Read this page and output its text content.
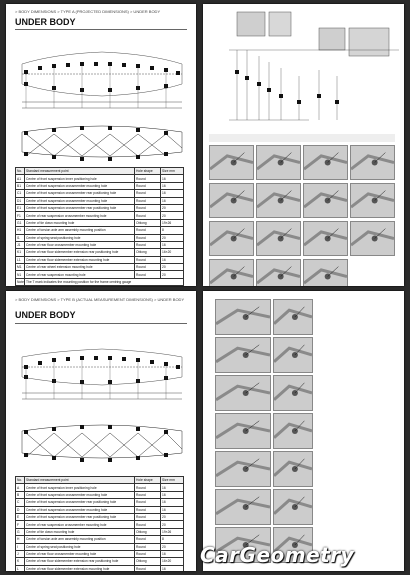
> BODY DIMENSIONS > TYPE A (PROJECTED DIMENSIONS) > UNDER BODY
UNDER BODY
No.	Standard measurement point	Hole shape	Size mm
A1	Centre of front suspension inner positioning hole	Round	16
B1	Centre of front suspension crossmember mounting hole	Round	16
C1	Centre of front suspension crossmember rear positioning hole	Round	16
D1	Centre of front suspension crossmember mounting hole	Round	16
E1	Centre of front suspension crossmember rear positioning hole	Round	20
F1	Centre of rear suspension crossmember mounting hole	Round	20
G1	Centre of tie down mounting hole	Oblong	19×26
H1	Centre of torsion axle arm assembly mounting position	Round	8
I1	Centre of spring seat positioning hole	Round	20
J1	Centre of rear floor crossmember mounting hole	Round	16
K1	Centre of rear floor sidemember extension rear positioning hole	Oblong	16×20
L1	Centre of rear floor sidemember extension mounting hole	Round	16
M1	Centre of rear wheel extension mounting hole	Round	20
N1	Centre of rear suspension mounting hole	Round	20
Note	The T mark indicates the mounting position for the frame centring gauge		
> BODY DIMENSIONS > TYPE B (ACTUAL MEASUREMENT DIMENSIONS) > UNDER BODY
UNDER BODY
No.	Standard measurement point	Hole shape	Size mm
A	Centre of front suspension inner positioning hole	Round	16
B	Centre of front suspension crossmember mounting hole	Round	16
C	Centre of front suspension crossmember rear positioning hole	Round	16
D	Centre of front suspension crossmember mounting hole	Round	16
E	Centre of front suspension crossmember rear positioning hole	Round	20
F	Centre of rear suspension crossmember mounting hole	Round	20
G	Centre of tie down mounting hole	Oblong	19×26
H	Centre of torsion axle arm assembly mounting position	Round	8
I	Centre of spring seat positioning hole	Round	20
J	Centre of rear floor crossmember mounting hole	Round	16
K	Centre of rear floor sidemember extension rear positioning hole	Oblong	16×20
L	Centre of rear floor sidemember extension mounting hole	Round	16
CarGeometry
